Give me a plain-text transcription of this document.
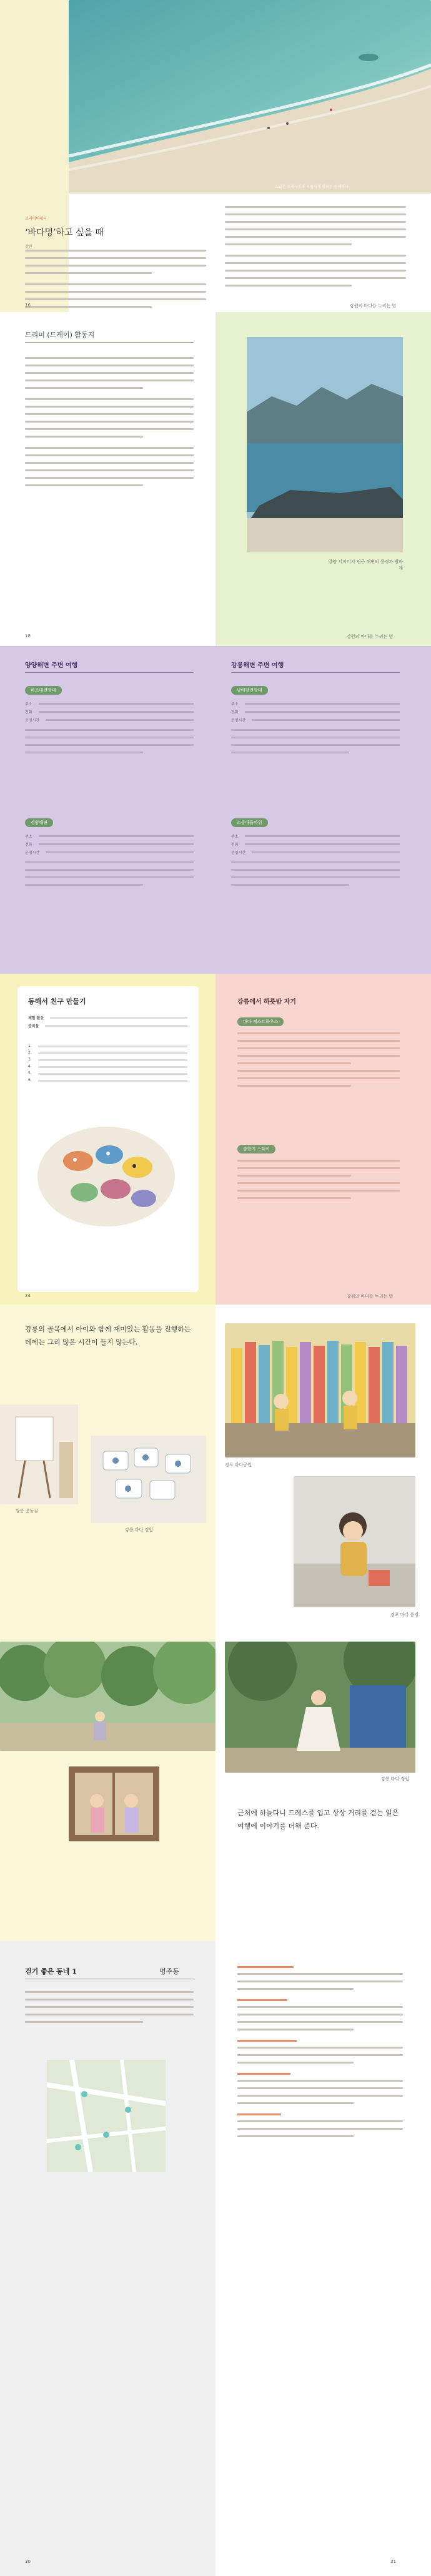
드넓은 모래사장과 시원하게 펼쳐진 동해바다
프리미어레터
‘바다멍’하고 싶을 때
강원
16	강원의 바다를 누리는 법
드리미 (드케이) 활동지
양양 서피비치 인근 해변의 풍경과 방파제
18	강원의 바다를 누리는 법
양양해변 주변 여행	강릉해변 주변 여행
하조대전망대
주소
전화
운영시간
정암해변
주소
전화
운영시간
남애항전망대
주소
전화
운영시간
소돌아들바위
주소
전화
운영시간
동해서 친구 만들기
체험 활동
준비물
1.
2.
3.
4.
5.
6.
24
강릉에서 하룻밤 자기
바다 게스트하우스
솔향기 스테이
강원의 바다를 누리는 법
강릉의 골목에서 아이와 함께 재미있는 활동을 진행하는 데에는 그리 많은 시간이 들지 않는다.
강릉 꽃돌길
강릉 바다 정원
경포 바다공원
경포 바다 풍경
강릉 바다 정원
근처에 하늘다니 드레스를 입고 상상 거리를 걷는 일은 여행에 이야기를 더해 준다.
걷기 좋은 동네 1	명주동
30	31
